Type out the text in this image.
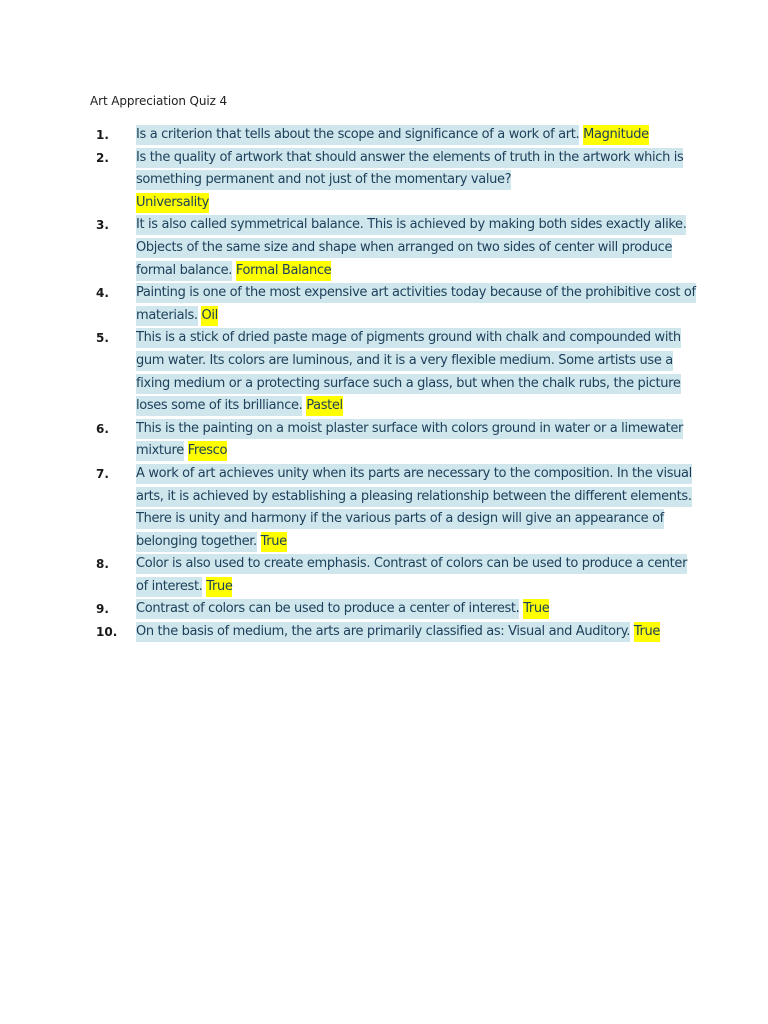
Art Appreciation Quiz 4
1. Is a criterion that tells about the scope and significance of a work of art. Magnitude
2. Is the quality of artwork that should answer the elements of truth in the artwork which is something permanent and not just of the momentary value?
Universality
3. It is also called symmetrical balance. This is achieved by making both sides exactly alike. Objects of the same size and shape when arranged on two sides of center will produce formal balance. Formal Balance
4. Painting is one of the most expensive art activities today because of the prohibitive cost of materials. Oil
5. This is a stick of dried paste mage of pigments ground with chalk and compounded with gum water. Its colors are luminous, and it is a very flexible medium. Some artists use a fixing medium or a protecting surface such a glass, but when the chalk rubs, the picture loses some of its brilliance. Pastel
6. This is the painting on a moist plaster surface with colors ground in water or a limewater mixture Fresco
7. A work of art achieves unity when its parts are necessary to the composition. In the visual arts, it is achieved by establishing a pleasing relationship between the different elements. There is unity and harmony if the various parts of a design will give an appearance of belonging together. True
8. Color is also used to create emphasis. Contrast of colors can be used to produce a center of interest. True
9. Contrast of colors can be used to produce a center of interest. True
10. On the basis of medium, the arts are primarily classified as: Visual and Auditory. True
